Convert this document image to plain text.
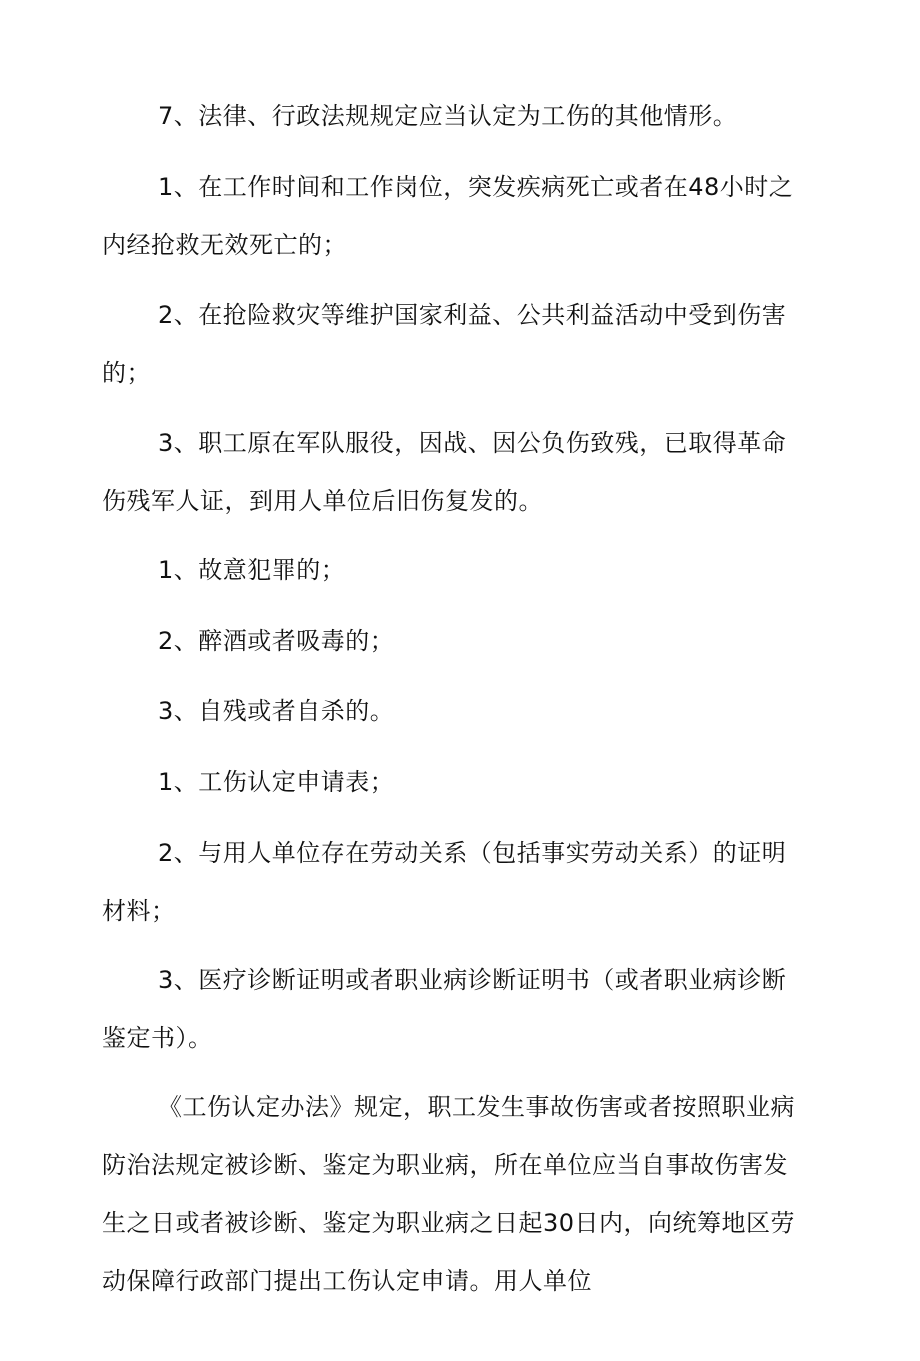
7、法律、行政法规规定应当认定为工伤的其他情形。

1、在工作时间和工作岗位，突发疾病死亡或者在48小时之内经抢救无效死亡的；

2、在抢险救灾等维护国家利益、公共利益活动中受到伤害的；

3、职工原在军队服役，因战、因公负伤致残，已取得革命伤残军人证，到用人单位后旧伤复发的。

1、故意犯罪的；

2、醉酒或者吸毒的；

3、自残或者自杀的。

1、工伤认定申请表；

2、与用人单位存在劳动关系（包括事实劳动关系）的证明材料；

3、医疗诊断证明或者职业病诊断证明书（或者职业病诊断鉴定书）。

《工伤认定办法》规定，职工发生事故伤害或者按照职业病防治法规定被诊断、鉴定为职业病，所在单位应当自事故伤害发生之日或者被诊断、鉴定为职业病之日起30日内，向统筹地区劳动保障行政部门提出工伤认定申请。用人单位
